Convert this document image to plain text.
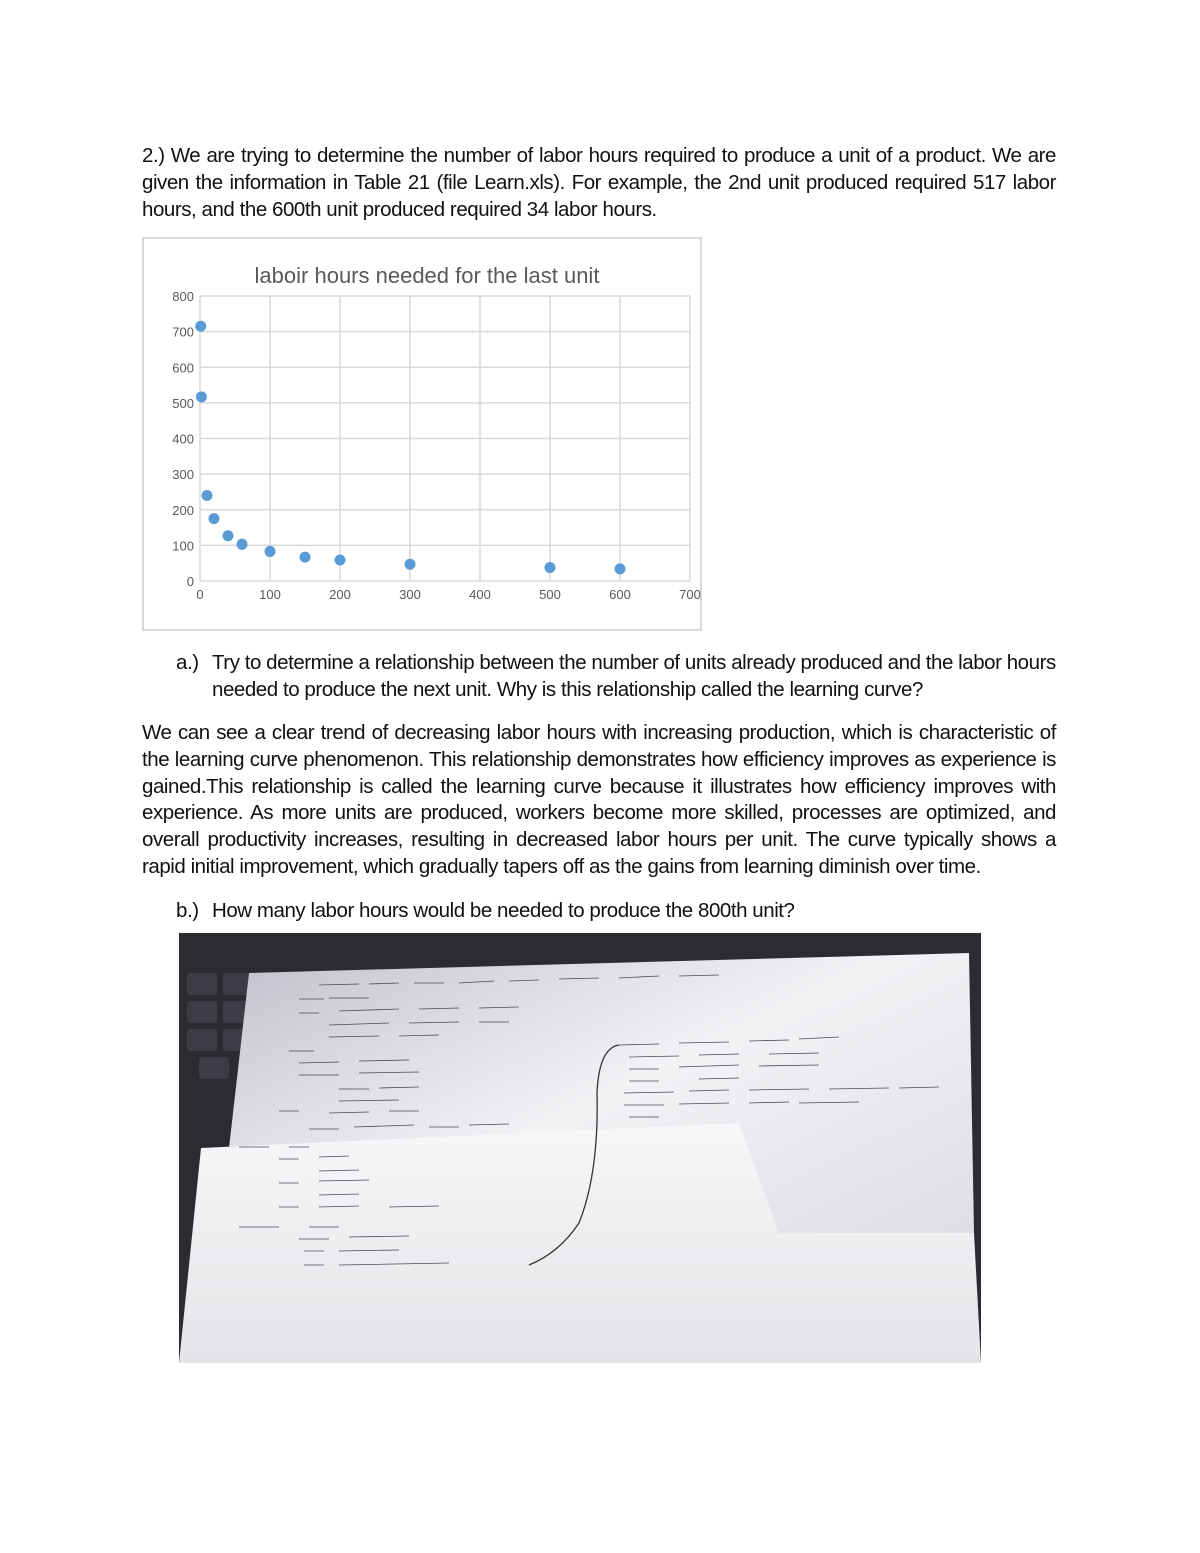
2.) We are trying to determine the number of labor hours required to produce a unit of a product. We are given the information in Table 21 (file Learn.xls). For example, the 2nd unit produced required 517 labor hours, and the 600th unit produced required 34 labor hours.
0	100	200	300	400	500	600	700
0
100
200
300
400
500
600
700
800
laboir hours needed for the last unit
a.) Try to determine a relationship between the number of units already produced and the labor hours needed to produce the next unit. Why is this relationship called the learning curve?
We can see a clear trend of decreasing labor hours with increasing production, which is characteristic of the learning curve phenomenon. This relationship demonstrates how efficiency improves as experience is gained.This relationship is called the learning curve because it illustrates how efficiency improves with experience. As more units are produced, workers become more skilled, processes are optimized, and overall productivity increases, resulting in decreased labor hours per unit. The curve typically shows a rapid initial improvement, which gradually tapers off as the gains from learning diminish over time.
b.) How many labor hours would be needed to produce the 800th unit?
